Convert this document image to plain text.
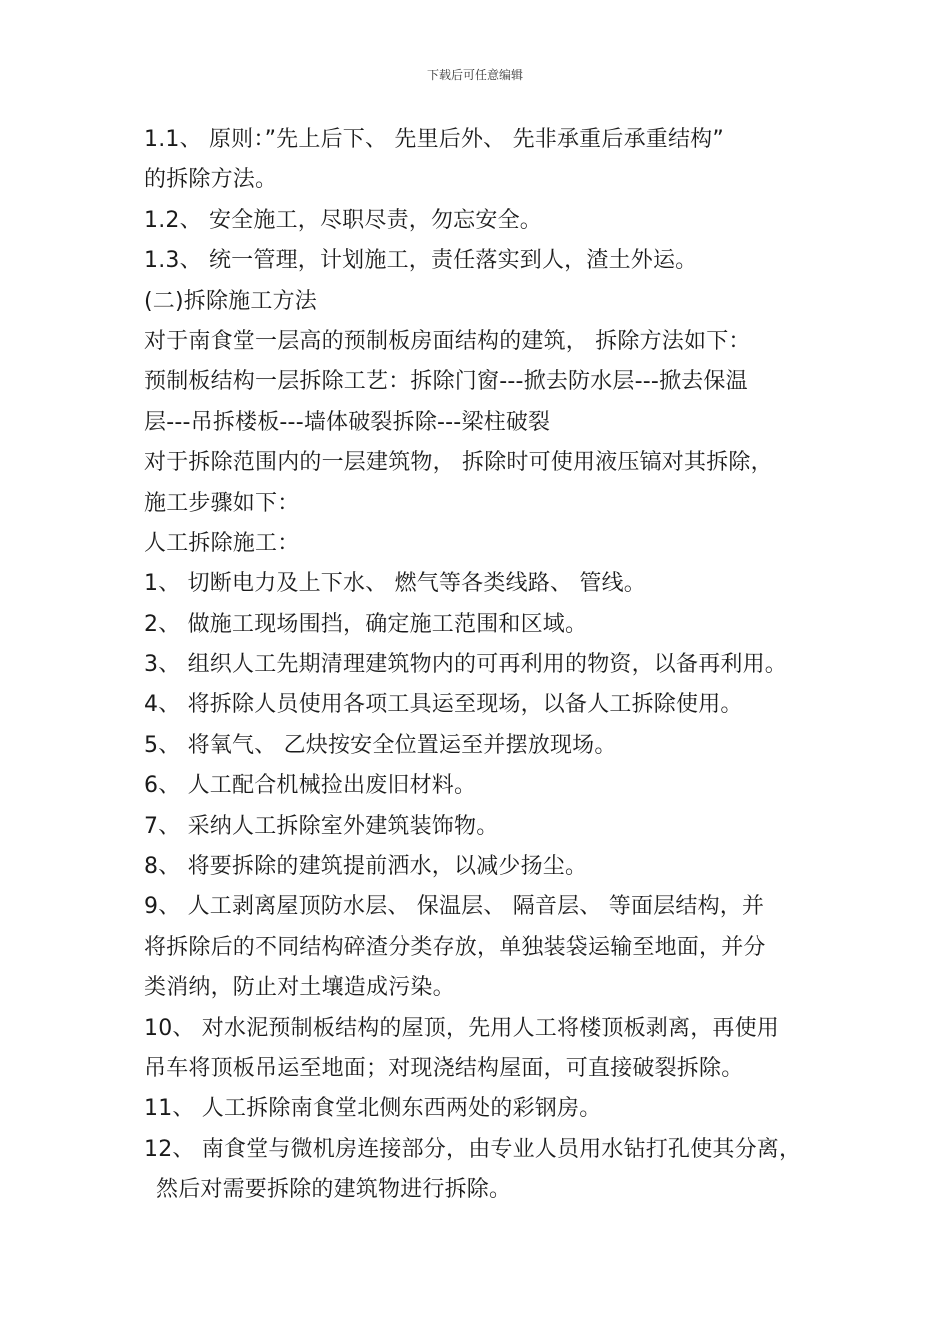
下载后可任意编辑
1.1、 原则：”先上后下、 先里后外、 先非承重后承重结构”
的拆除方法。
1.2、 安全施工，尽职尽责，勿忘安全。
1.3、 统一管理，计划施工，责任落实到人，渣土外运。
(二)拆除施工方法
对于南食堂一层高的预制板房面结构的建筑， 拆除方法如下：
预制板结构一层拆除工艺：拆除门窗---掀去防水层---掀去保温
层---吊拆楼板---墙体破裂拆除---梁柱破裂
对于拆除范围内的一层建筑物， 拆除时可使用液压镐对其拆除，
施工步骤如下：
人工拆除施工：
1、 切断电力及上下水、 燃气等各类线路、 管线。
2、 做施工现场围挡，确定施工范围和区域。
3、 组织人工先期清理建筑物内的可再利用的物资，以备再利用。
4、 将拆除人员使用各项工具运至现场，以备人工拆除使用。
5、 将氧气、 乙炔按安全位置运至并摆放现场。
6、 人工配合机械捡出废旧材料。
7、 采纳人工拆除室外建筑装饰物。
8、 将要拆除的建筑提前洒水，以减少扬尘。
9、 人工剥离屋顶防水层、 保温层、 隔音层、 等面层结构，并
将拆除后的不同结构碎渣分类存放，单独装袋运输至地面，并分
类消纳，防止对土壤造成污染。
10、 对水泥预制板结构的屋顶，先用人工将楼顶板剥离，再使用
吊车将顶板吊运至地面；对现浇结构屋面，可直接破裂拆除。
11、 人工拆除南食堂北侧东西两处的彩钢房。
12、 南食堂与微机房连接部分，由专业人员用水钻打孔使其分离，
然后对需要拆除的建筑物进行拆除。
